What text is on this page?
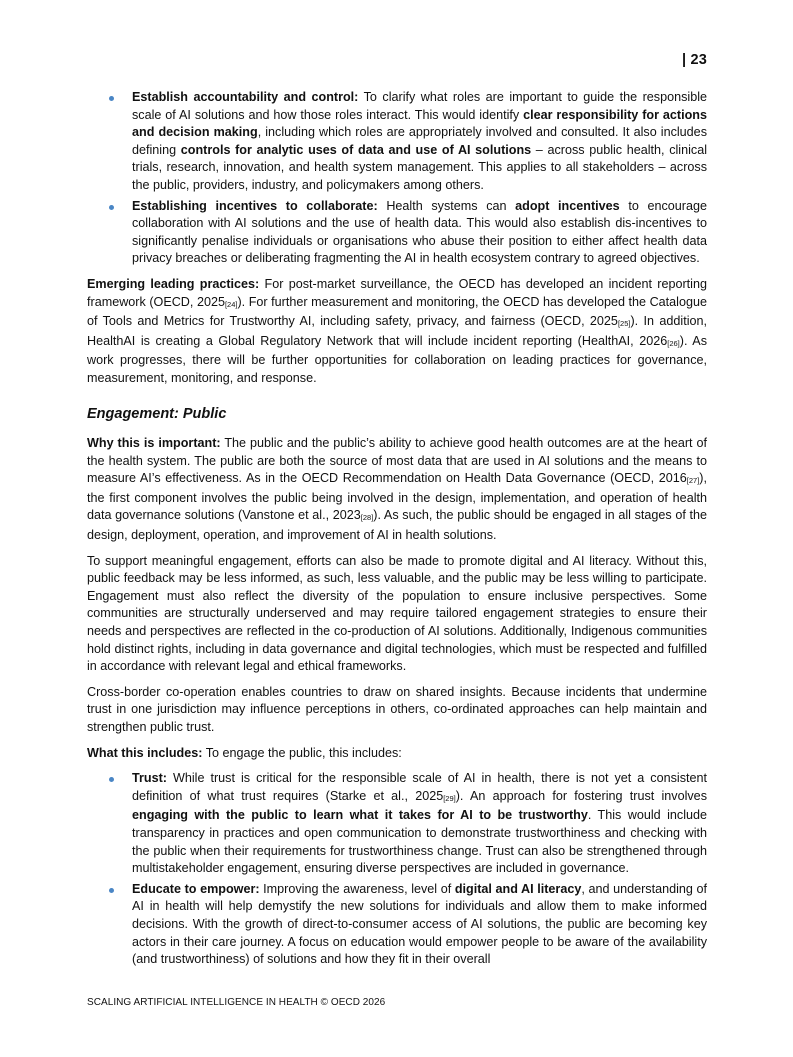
| 23
Establish accountability and control: To clarify what roles are important to guide the responsible scale of AI solutions and how those roles interact. This would identify clear responsibility for actions and decision making, including which roles are appropriately involved and consulted. It also includes defining controls for analytic uses of data and use of AI solutions – across public health, clinical trials, research, innovation, and health system management. This applies to all stakeholders – across the public, providers, industry, and policymakers among others.
Establishing incentives to collaborate: Health systems can adopt incentives to encourage collaboration with AI solutions and the use of health data. This would also establish dis-incentives to significantly penalise individuals or organisations who abuse their position to either affect health data privacy breaches or deliberating fragmenting the AI in health ecosystem contrary to agreed objectives.

Emerging leading practices: For post-market surveillance, the OECD has developed an incident reporting framework (OECD, 2025[24]). For further measurement and monitoring, the OECD has developed the Catalogue of Tools and Metrics for Trustworthy AI, including safety, privacy, and fairness (OECD, 2025[25]). In addition, HealthAI is creating a Global Regulatory Network that will include incident reporting (HealthAI, 2026[26]). As work progresses, there will be further opportunities for collaboration on leading practices for governance, measurement, monitoring, and response.

Engagement: Public

Why this is important: The public and the public’s ability to achieve good health outcomes are at the heart of the health system. The public are both the source of most data that are used in AI solutions and the means to measure AI’s effectiveness. As in the OECD Recommendation on Health Data Governance (OECD, 2016[27]), the first component involves the public being involved in the design, implementation, and operation of health data governance solutions (Vanstone et al., 2023[28]). As such, the public should be engaged in all stages of the design, deployment, operation, and improvement of AI in health solutions.

To support meaningful engagement, efforts can also be made to promote digital and AI literacy. Without this, public feedback may be less informed, as such, less valuable, and the public may be less willing to participate. Engagement must also reflect the diversity of the population to ensure inclusive perspectives. Some communities are structurally underserved and may require tailored engagement strategies to ensure their needs and perspectives are reflected in the co-production of AI solutions. Additionally, Indigenous communities hold distinct rights, including in data governance and digital technologies, which must be respected and fulfilled in accordance with relevant legal and ethical frameworks.

Cross-border co-operation enables countries to draw on shared insights. Because incidents that undermine trust in one jurisdiction may influence perceptions in others, co-ordinated approaches can help maintain and strengthen public trust.

What this includes: To engage the public, this includes:

Trust: While trust is critical for the responsible scale of AI in health, there is not yet a consistent definition of what trust requires (Starke et al., 2025[29]). An approach for fostering trust involves engaging with the public to learn what it takes for AI to be trustworthy. This would include transparency in practices and open communication to demonstrate trustworthiness and checking with the public when their requirements for trustworthiness change. Trust can also be strengthened through multistakeholder engagement, ensuring diverse perspectives are included in governance.
Educate to empower: Improving the awareness, level of digital and AI literacy, and understanding of AI in health will help demystify the new solutions for individuals and allow them to make informed decisions. With the growth of direct-to-consumer access of AI solutions, the public are becoming key actors in their care journey. A focus on education would empower people to be aware of the availability (and trustworthiness) of solutions and how they fit in their overall
SCALING ARTIFICIAL INTELLIGENCE IN HEALTH © OECD 2026
